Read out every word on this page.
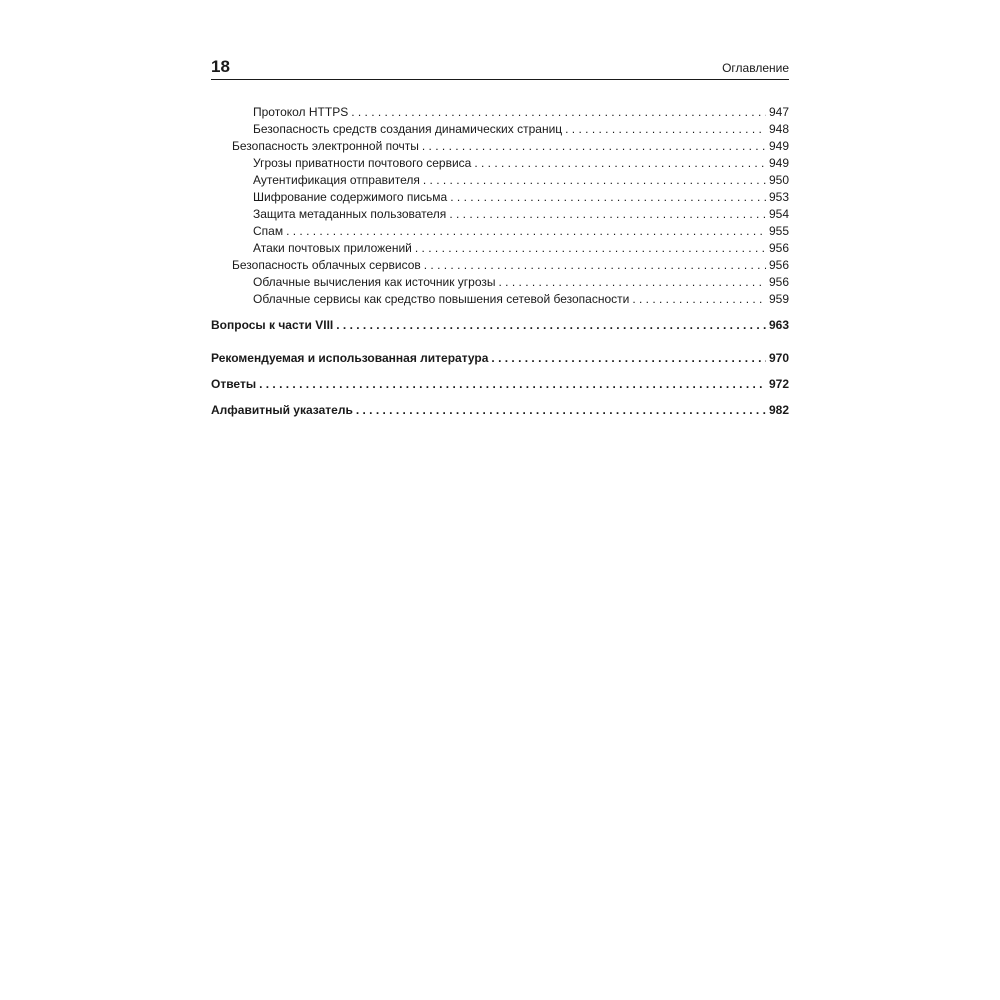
18	Оглавление
Протокол HTTPS . . .	947
Безопасность средств создания динамических страниц . . .	948
Безопасность электронной почты . . .	949
Угрозы приватности почтового сервиса . . .	949
Аутентификация отправителя . . .	950
Шифрование содержимого письма . . .	953
Защита метаданных пользователя . . .	954
Спам . . .	955
Атаки почтовых приложений . . .	956
Безопасность облачных сервисов . . .	956
Облачные вычисления как источник угрозы . . .	956
Облачные сервисы как средство повышения сетевой безопасности . . .	959
Вопросы к части VIII . . .	963
Рекомендуемая и использованная литература . . .	970
Ответы . . .	972
Алфавитный указатель . . .	982
